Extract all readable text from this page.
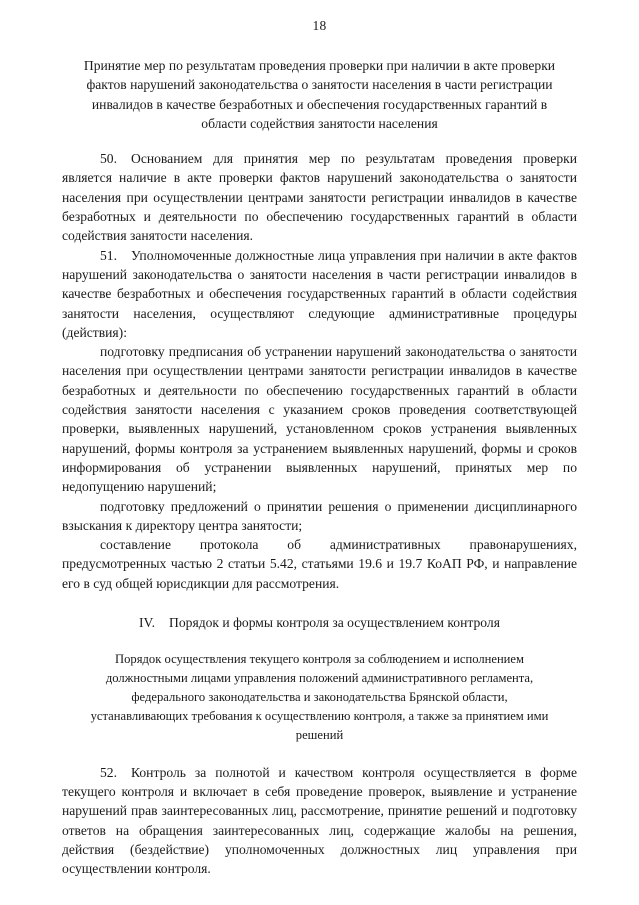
18
Принятие мер по результатам проведения проверки при наличии в акте проверки фактов нарушений законодательства о занятости населения в части регистрации инвалидов в качестве безработных и обеспечения государственных гарантий в области содействия занятости населения

50. Основанием для принятия мер по результатам проведения проверки является наличие в акте проверки фактов нарушений законодательства о занятости населения при осуществлении центрами занятости регистрации инвалидов в качестве безработных и деятельности по обеспечению государственных гарантий в области содействия занятости населения.

51. Уполномоченные должностные лица управления при наличии в акте фактов нарушений законодательства о занятости населения в части регистрации инвалидов в качестве безработных и обеспечения государственных гарантий в области содействия занятости населения, осуществляют следующие административные процедуры (действия):

подготовку предписания об устранении нарушений законодательства о занятости населения при осуществлении центрами занятости регистрации инвалидов в качестве безработных и деятельности по обеспечению государственных гарантий в области содействия занятости населения с указанием сроков проведения соответствующей проверки, выявленных нарушений, установленном сроков устранения выявленных нарушений, формы контроля за устранением выявленных нарушений, формы и сроков информирования об устранении выявленных нарушений, принятых мер по недопущению нарушений;

подготовку предложений о принятии решения о применении дисциплинарного взыскания к директору центра занятости;

составление протокола об административных правонарушениях, предусмотренных частью 2 статьи 5.42, статьями 19.6 и 19.7 КоАП РФ, и направление его в суд общей юрисдикции для рассмотрения.

IV. Порядок и формы контроля за осуществлением контроля
Порядок осуществления текущего контроля за соблюдением и исполнением должностными лицами управления положений административного регламента, федерального законодательства и законодательства Брянской области, устанавливающих требования к осуществлению контроля, а также за принятием ими решений

52. Контроль за полнотой и качеством контроля осуществляется в форме текущего контроля и включает в себя проведение проверок, выявление и устранение нарушений прав заинтересованных лиц, рассмотрение, принятие решений и подготовку ответов на обращения заинтересованных лиц, содержащие жалобы на решения, действия (бездействие) уполномоченных должностных лиц управления при осуществлении контроля.
